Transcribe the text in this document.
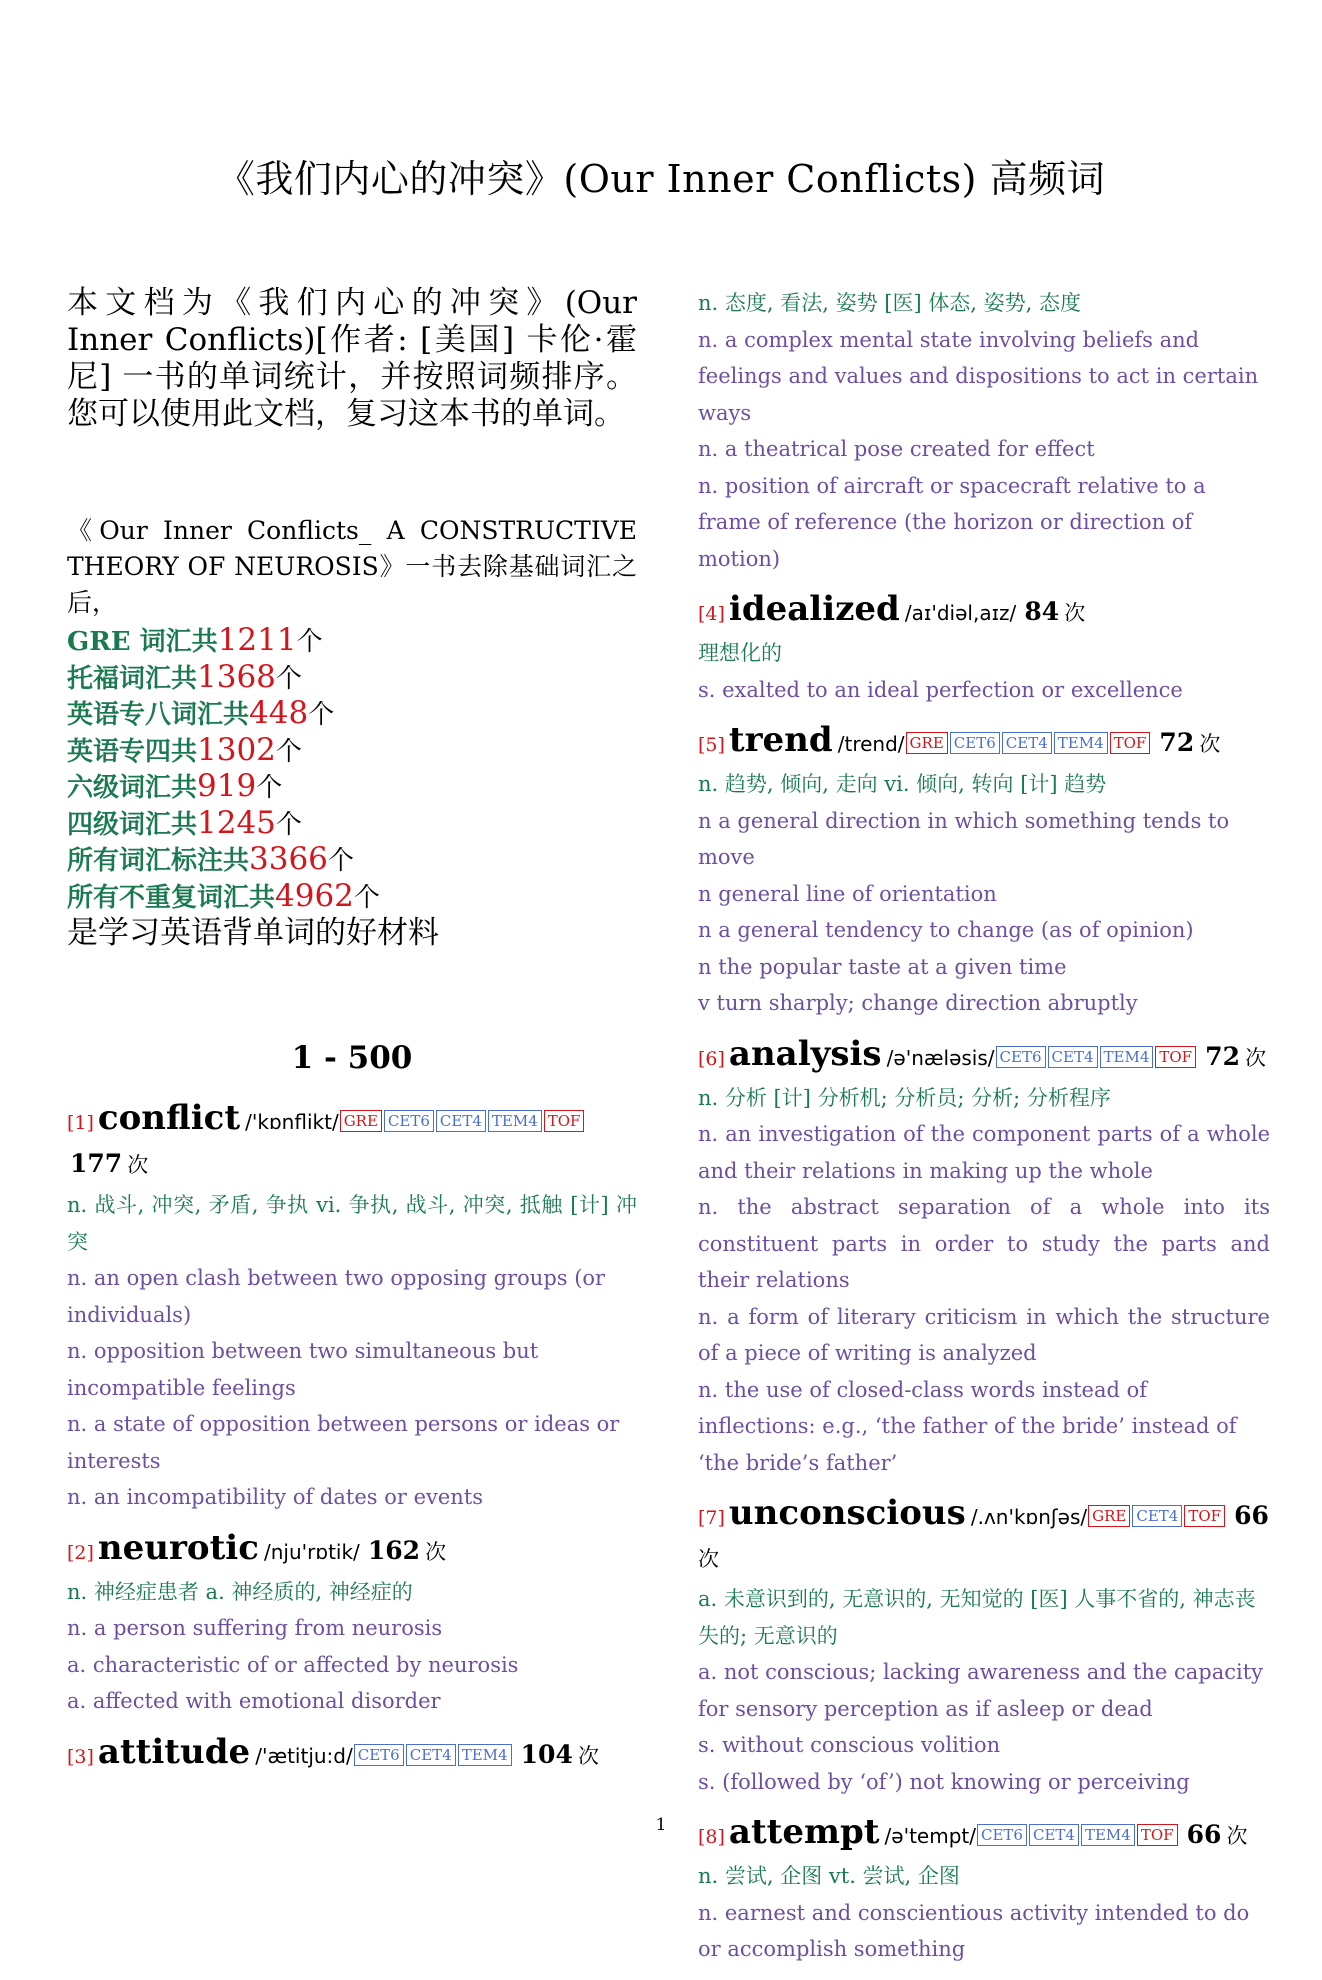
《我们内心的冲突》(Our Inner Conflicts) 高频词

本文档为《我们内心的冲突》(Our Inner Conflicts)[作者: [美国] 卡伦·霍尼] 一书的单词统计，并按照词频排序。您可以使用此文档，复习这本书的单词。

《Our Inner Conflicts_ A CONSTRUCTIVE THEORY OF NEUROSIS》一书去除基础词汇之后，

GRE 词汇共1211个
托福词汇共1368个
英语专八词汇共448个
英语专四共1302个
六级词汇共919个
四级词汇共1245个
所有词汇标注共3366个
所有不重复词汇共4962个
是学习英语背单词的好材料
1 - 500
[1] conflict /'kɒnflikt/ GRE CET6 CET4 TEM4 TOF 177 次

n. 战斗, 冲突, 矛盾, 争执 vi. 争执, 战斗, 冲突, 抵触 [计] 冲突

n. an open clash between two opposing groups (or individuals)

n. opposition between two simultaneous but incompatible feelings

n. a state of opposition between persons or ideas or interests

n. an incompatibility of dates or events

[2] neurotic /nju'rɒtik/ 162 次

n. 神经症患者 a. 神经质的, 神经症的

n. a person suffering from neurosis

a. characteristic of or affected by neurosis

a. affected with emotional disorder

[3] attitude /'ætitju:d/ CET6 CET4 TEM4 104 次

n. 态度, 看法, 姿势 [医] 体态, 姿势, 态度

n. a complex mental state involving beliefs and feelings and values and dispositions to act in certain ways

n. a theatrical pose created for effect

n. position of aircraft or spacecraft relative to a frame of reference (the horizon or direction of motion)

[4] idealized /aɪ'diəl,aɪz/ 84 次

理想化的

s. exalted to an ideal perfection or excellence

[5] trend /trend/ GRE CET6 CET4 TEM4 TOF 72 次

n. 趋势, 倾向, 走向 vi. 倾向, 转向 [计] 趋势

n a general direction in which something tends to move

n general line of orientation

n a general tendency to change (as of opinion)

n the popular taste at a given time

v turn sharply; change direction abruptly

[6] analysis /ə'næləsis/ CET6 CET4 TEM4 TOF 72 次

n. 分析 [计] 分析机; 分析员; 分析; 分析程序

n. an investigation of the component parts of a whole and their relations in making up the whole

n. the abstract separation of a whole into its constituent parts in order to study the parts and their relations

n. a form of literary criticism in which the structure of a piece of writing is analyzed

n. the use of closed-class words instead of inflections: e.g., ‘the father of the bride’ instead of ‘the bride’s father’

[7] unconscious /.ʌn'kɒnʃəs/ GRE CET4 TOF 66 次

a. 未意识到的, 无意识的, 无知觉的 [医] 人事不省的, 神志丧失的; 无意识的

a. not conscious; lacking awareness and the capacity for sensory perception as if asleep or dead

s. without conscious volition

s. (followed by ‘of’) not knowing or perceiving

[8] attempt /ə'tempt/ CET6 CET4 TEM4 TOF 66 次

n. 尝试, 企图 vt. 尝试, 企图

n. earnest and conscientious activity intended to do or accomplish something

1
